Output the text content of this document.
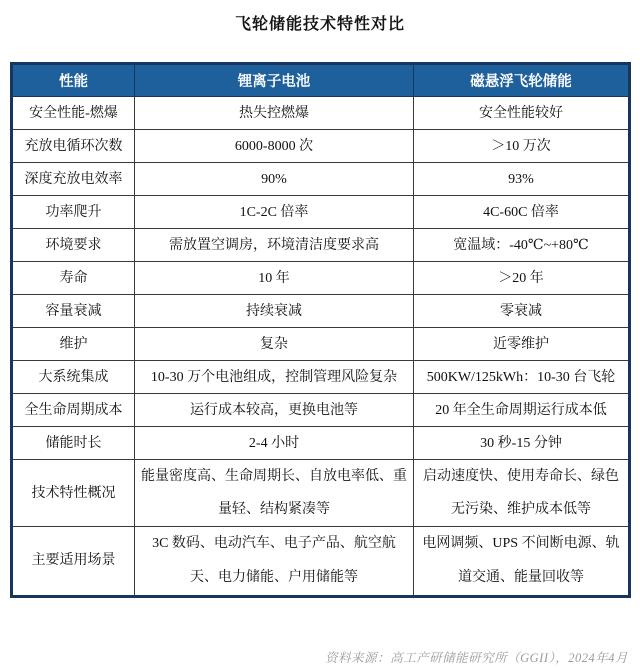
飞轮储能技术特性对比
性能	锂离子电池	磁悬浮飞轮储能
安全性能-燃爆	热失控燃爆	安全性能较好
充放电循环次数	6000-8000 次	＞10 万次
深度充放电效率	90%	93%
功率爬升	1C-2C 倍率	4C-60C 倍率
环境要求	需放置空调房，环境清洁度要求高	宽温域：-40℃~+80℃
寿命	10 年	＞20 年
容量衰减	持续衰减	零衰减
维护	复杂	近零维护
大系统集成	10-30 万个电池组成，控制管理风险复杂	500KW/125kWh：10-30 台飞轮
全生命周期成本	运行成本较高，更换电池等	20 年全生命周期运行成本低
储能时长	2-4 小时	30 秒-15 分钟
技术特性概况	能量密度高、生命周期长、自放电率低、重量轻、结构紧凑等	启动速度快、使用寿命长、绿色无污染、维护成本低等
主要适用场景	3C 数码、电动汽车、电子产品、航空航天、电力储能、户用储能等	电网调频、UPS 不间断电源、轨道交通、能量回收等
资料来源：高工产研储能研究所（GGII），2024年4月
